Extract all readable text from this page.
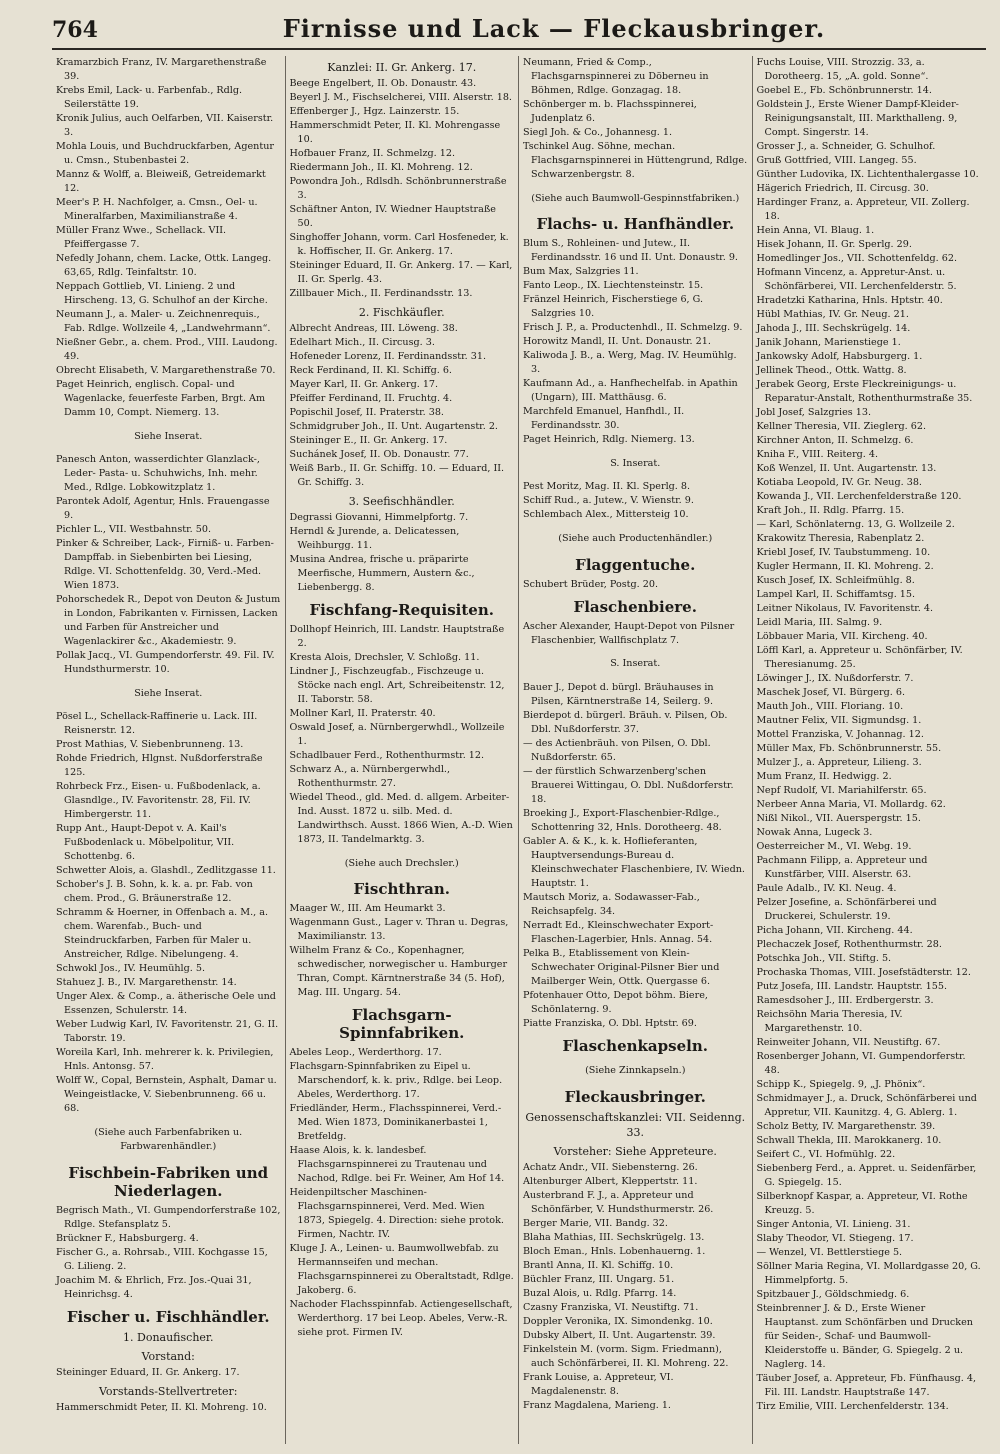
764	Firnisse und Lack — Fleckausbringer.

Kramarzbich Franz, IV. Margarethenstraße 39.

Krebs Emil, Lack- u. Farbenfab., Rdlg. Seilerstätte 19.

Kronik Julius, auch Oelfarben, VII. Kaiserstr. 3.

Mohla Louis, und Buchdruckfarben, Agentur u. Cmsn., Stubenbastei 2.

Mannz & Wolff, a. Bleiweiß, Getreidemarkt 12.

Meer's P. H. Nachfolger, a. Cmsn., Oel- u. Mineralfarben, Maximilianstraße 4.

Müller Franz Wwe., Schellack. VII. Pfeiffergasse 7.

Nefedly Johann, chem. Lacke, Ottk. Langeg. 63,65, Rdlg. Teinfaltstr. 10.

Neppach Gottlieb, VI. Linieng. 2 und Hirscheng. 13, G. Schulhof an der Kirche.

Neumann J., a. Maler- u. Zeichnenrequis., Fab. Rdlge. Wollzeile 4, „Landwehrmann“.

Nießner Gebr., a. chem. Prod., VIII. Laudong. 49.

Obrecht Elisabeth, V. Margarethenstraße 70.

Paget Heinrich, englisch. Copal- und Wagenlacke, feuerfeste Farben, Brgt. Am Damm 10, Compt. Niemerg. 13.

Siehe Inserat.

Panesch Anton, wasserdichter Glanzlack-, Leder- Pasta- u. Schuhwichs, Inh. mehr. Med., Rdlge. Lobkowitzplatz 1.

Parontek Adolf, Agentur, Hnls. Frauengasse 9.

Pichler L., VII. Westbahnstr. 50.

Pinker & Schreiber, Lack-, Firniß- u. Farben-Dampffab. in Siebenbirten bei Liesing, Rdlge. VI. Schottenfeldg. 30, Verd.-Med. Wien 1873.

Pohorschedek R., Depot von Deuton & Justum in London, Fabrikanten v. Firnissen, Lacken und Farben für Anstreicher und Wagenlackirer &c., Akademiestr. 9.

Pollak Jacq., VI. Gumpendorferstr. 49. Fil. IV. Hundsthurmerstr. 10.

Siehe Inserat.

Pösel L., Schellack-Raffinerie u. Lack. III. Reisnerstr. 12.

Prost Mathias, V. Siebenbrunneng. 13.

Rohde Friedrich, Hlgnst. Nußdorferstraße 125.

Rohrbeck Frz., Eisen- u. Fußbodenlack, a. Glasndlge., IV. Favoritenstr. 28, Fil. IV. Himbergerstr. 11.

Rupp Ant., Haupt-Depot v. A. Kail's Fußbodenlack u. Möbelpolitur, VII. Schottenbg. 6.

Schwetter Alois, a. Glashdl., Zedlitzgasse 11.

Schober's J. B. Sohn, k. k. a. pr. Fab. von chem. Prod., G. Bräunerstraße 12.

Schramm & Hoerner, in Offenbach a. M., a. chem. Warenfab., Buch- und Steindruckfarben, Farben für Maler u. Anstreicher, Rdlge. Nibelungeng. 4.

Schwokl Jos., IV. Heumühlg. 5.

Stahuez J. B., IV. Margarethenstr. 14.

Unger Alex. & Comp., a. ätherische Oele und Essenzen, Schulerstr. 14.

Weber Ludwig Karl, IV. Favoritenstr. 21, G. II. Taborstr. 19.

Woreila Karl, Inh. mehrerer k. k. Privilegien, Hnls. Antonsg. 57.

Wolff W., Copal, Bernstein, Asphalt, Damar u. Weingeistlacke, V. Siebenbrunneng. 66 u. 68.

(Siehe auch Farbenfabriken u. Farbwarenhändler.)

Fischbein-Fabriken und Niederlagen.

Begrisch Math., VI. Gumpendorferstraße 102, Rdlge. Stefansplatz 5.

Brückner F., Habsburgerg. 4.

Fischer G., a. Rohrsab., VIII. Kochgasse 15, G. Lilieng. 2.

Joachim M. & Ehrlich, Frz. Jos.-Quai 31, Heinrichsg. 4.

Fischer u. Fischhändler.

1. Donaufischer.

Vorstand:

Steininger Eduard, II. Gr. Ankerg. 17.

Vorstands-Stellvertreter:

Hammerschmidt Peter, II. Kl. Mohreng. 10.

Kanzlei: II. Gr. Ankerg. 17.

Beege Engelbert, II. Ob. Donaustr. 43.

Beyerl J. M., Fischselcherei, VIII. Alserstr. 18.

Effenberger J., Hgz. Lainzerstr. 15.

Hammerschmidt Peter, II. Kl. Mohrengasse 10.

Hofbauer Franz, II. Schmelzg. 12.

Riedermann Joh., II. Kl. Mohreng. 12.

Powondra Joh., Rdlsdh. Schönbrunnerstraße 3.

Schäftner Anton, IV. Wiedner Hauptstraße 50.

Singhoffer Johann, vorm. Carl Hosfeneder, k. k. Hoffischer, II. Gr. Ankerg. 17.

Steininger Eduard, II. Gr. Ankerg. 17. — Karl, II. Gr. Sperlg. 43.

Zillbauer Mich., II. Ferdinandsstr. 13.

2. Fischkäufler.

Albrecht Andreas, III. Löweng. 38.

Edelhart Mich., II. Circusg. 3.

Hofeneder Lorenz, II. Ferdinandsstr. 31.

Reck Ferdinand, II. Kl. Schiffg. 6.

Mayer Karl, II. Gr. Ankerg. 17.

Pfeiffer Ferdinand, II. Fruchtg. 4.

Popischil Josef, II. Praterstr. 38.

Schmidgruber Joh., II. Unt. Augartenstr. 2.

Steininger E., II. Gr. Ankerg. 17.

Suchánek Josef, II. Ob. Donaustr. 77.

Weiß Barb., II. Gr. Schiffg. 10. — Eduard, II. Gr. Schiffg. 3.

3. Seefischhändler.

Degrassi Giovanni, Himmelpfortg. 7.

Herndl & Jurende, a. Delicatessen, Weihburgg. 11.

Musina Andrea, frische u. präparirte Meerfische, Hummern, Austern &c., Liebenbergg. 8.

Fischfang-Requisiten.

Dollhopf Heinrich, III. Landstr. Hauptstraße 2.

Kresta Alois, Drechsler, V. Schloßg. 11.

Lindner J., Fischzeugfab., Fischzeuge u. Stöcke nach engl. Art, Schreibeitenstr. 12, II. Taborstr. 58.

Mollner Karl, II. Praterstr. 40.

Oswald Josef, a. Nürnbergerwhdl., Wollzeile 1.

Schadlbauer Ferd., Rothenthurmstr. 12.

Schwarz A., a. Nürnbergerwhdl., Rothenthurmstr. 27.

Wiedel Theod., gld. Med. d. allgem. Arbeiter-Ind. Ausst. 1872 u. silb. Med. d. Landwirthsch. Ausst. 1866 Wien, A.-D. Wien 1873, II. Tandelmarktg. 3.

(Siehe auch Drechsler.)

Fischthran.

Maager W., III. Am Heumarkt 3.

Wagenmann Gust., Lager v. Thran u. Degras, Maximilianstr. 13.

Wilhelm Franz & Co., Kopenhagner, schwedischer, norwegischer u. Hamburger Thran, Compt. Kärntnerstraße 34 (5. Hof), Mag. III. Ungarg. 54.

Flachsgarn-Spinnfabriken.

Abeles Leop., Werderthorg. 17.

Flachsgarn-Spinnfabriken zu Eipel u. Marschendorf, k. k. priv., Rdlge. bei Leop. Abeles, Werderthorg. 17.

Friedländer, Herm., Flachsspinnerei, Verd.-Med. Wien 1873, Dominikanerbastei 1, Bretfeldg.

Haase Alois, k. k. landesbef. Flachsgarnspinnerei zu Trautenau und Nachod, Rdlge. bei Fr. Weiner, Am Hof 14.

Heidenpiltscher Maschinen-Flachsgarnspinnerei, Verd. Med. Wien 1873, Spiegelg. 4. Direction: siehe protok. Firmen, Nachtr. IV.

Kluge J. A., Leinen- u. Baumwollwebfab. zu Hermannseifen und mechan. Flachsgarnspinnerei zu Oberaltstadt, Rdlge. Jakoberg. 6.

Nachoder Flachsspinnfab. Actiengesellschaft, Werderthorg. 17 bei Leop. Abeles, Verw.-R. siehe prot. Firmen IV.

Neumann, Fried & Comp., Flachsgarnspinnerei zu Döberneu in Böhmen, Rdlge. Gonzagag. 18.

Schönberger m. b. Flachsspinnerei, Judenplatz 6.

Siegl Joh. & Co., Johannesg. 1.

Tschinkel Aug. Söhne, mechan. Flachsgarnspinnerei in Hüttengrund, Rdlge. Schwarzenbergstr. 8.

(Siehe auch Baumwoll-Gespinnstfabriken.)

Flachs- u. Hanfhändler.

Blum S., Rohleinen- und Jutew., II. Ferdinandsstr. 16 und II. Unt. Donaustr. 9.

Bum Max, Salzgries 11.

Fanto Leop., IX. Liechtensteinstr. 15.

Fränzel Heinrich, Fischerstiege 6, G. Salzgries 10.

Frisch J. P., a. Productenhdl., II. Schmelzg. 9.

Horowitz Mandl, II. Unt. Donaustr. 21.

Kaliwoda J. B., a. Werg, Mag. IV. Heumühlg. 3.

Kaufmann Ad., a. Hanfhechelfab. in Apathin (Ungarn), III. Matthäusg. 6.

Marchfeld Emanuel, Hanfhdl., II. Ferdinandsstr. 30.

Paget Heinrich, Rdlg. Niemerg. 13.

S. Inserat.

Pest Moritz, Mag. II. Kl. Sperlg. 8.

Schiff Rud., a. Jutew., V. Wienstr. 9.

Schlembach Alex., Mittersteig 10.

(Siehe auch Productenhändler.)

Flaggentuche.

Schubert Brüder, Postg. 20.

Flaschenbiere.

Ascher Alexander, Haupt-Depot von Pilsner Flaschenbier, Wallfischplatz 7.

S. Inserat.

Bauer J., Depot d. bürgl. Bräuhauses in Pilsen, Kärntnerstraße 14, Seilerg. 9.

Bierdepot d. bürgerl. Bräuh. v. Pilsen, Ob. Dbl. Nußdorferstr. 37.

— des Actienbräuh. von Pilsen, O. Dbl. Nußdorferstr. 65.

— der fürstlich Schwarzenberg'schen Brauerei Wittingau, O. Dbl. Nußdorferstr. 18.

Broeking J., Export-Flaschenbier-Rdlge., Schottenring 32, Hnls. Dorotheerg. 48.

Gabler A. & K., k. k. Hoflieferanten, Hauptversendungs-Bureau d. Kleinschwechater Flaschenbiere, IV. Wiedn. Hauptstr. 1.

Mautsch Moriz, a. Sodawasser-Fab., Reichsapfelg. 34.

Nerradt Ed., Kleinschwechater Export-Flaschen-Lagerbier, Hnls. Annag. 54.

Pelka B., Etablissement von Klein-Schwechater Original-Pilsner Bier und Mailberger Wein, Ottk. Quergasse 6.

Pfotenhauer Otto, Depot böhm. Biere, Schönlaterng. 9.

Piatte Franziska, O. Dbl. Hptstr. 69.

Flaschenkapseln.

(Siehe Zinnkapseln.)

Fleckausbringer.

Genossenschaftskanzlei: VII. Seidenng. 33.

Vorsteher: Siehe Appreteure.

Achatz Andr., VII. Siebensterng. 26.

Altenburger Albert, Kleppertstr. 11.

Austerbrand F. J., a. Appreteur und Schönfärber, V. Hundsthurmerstr. 26.

Berger Marie, VII. Bandg. 32.

Blaha Mathias, III. Sechskrügelg. 13.

Bloch Eman., Hnls. Lobenhauerng. 1.

Brantl Anna, II. Kl. Schiffg. 10.

Büchler Franz, III. Ungarg. 51.

Buzal Alois, u. Rdlg. Pfarrg. 14.

Czasny Franziska, VI. Neustiftg. 71.

Doppler Veronika, IX. Simondenkg. 10.

Dubsky Albert, II. Unt. Augartenstr. 39.

Finkelstein M. (vorm. Sigm. Friedmann), auch Schönfärberei, II. Kl. Mohreng. 22.

Frank Louise, a. Appreteur, VI. Magdalenenstr. 8.

Franz Magdalena, Marieng. 1.

Fuchs Louise, VIII. Strozzig. 33, a. Dorotheerg. 15, „A. gold. Sonne“.

Goebel E., Fb. Schönbrunnerstr. 14.

Goldstein J., Erste Wiener Dampf-Kleider-Reinigungsanstalt, III. Markthalleng. 9, Compt. Singerstr. 14.

Grosser J., a. Schneider, G. Schulhof.

Gruß Gottfried, VIII. Langeg. 55.

Günther Ludovika, IX. Lichtenthalergasse 10.

Hägerich Friedrich, II. Circusg. 30.

Hardinger Franz, a. Appreteur, VII. Zollerg. 18.

Hein Anna, VI. Blaug. 1.

Hisek Johann, II. Gr. Sperlg. 29.

Homedlinger Jos., VII. Schottenfeldg. 62.

Hofmann Vincenz, a. Appretur-Anst. u. Schönfärberei, VII. Lerchenfelderstr. 5.

Hradetzki Katharina, Hnls. Hptstr. 40.

Hübl Mathias, IV. Gr. Neug. 21.

Jahoda J., III. Sechskrügelg. 14.

Janik Johann, Marienstiege 1.

Jankowsky Adolf, Habsburgerg. 1.

Jellinek Theod., Ottk. Wattg. 8.

Jerabek Georg, Erste Fleckreinigungs- u. Reparatur-Anstalt, Rothenthurmstraße 35.

Jobl Josef, Salzgries 13.

Kellner Theresia, VII. Zieglerg. 62.

Kirchner Anton, II. Schmelzg. 6.

Kniha F., VIII. Reiterg. 4.

Koß Wenzel, II. Unt. Augartenstr. 13.

Kotiaba Leopold, IV. Gr. Neug. 38.

Kowanda J., VII. Lerchenfelderstraße 120.

Kraft Joh., II. Rdlg. Pfarrg. 15.

— Karl, Schönlaterng. 13, G. Wollzeile 2.

Krakowitz Theresia, Rabenplatz 2.

Kriebl Josef, IV. Taubstummeng. 10.

Kugler Hermann, II. Kl. Mohreng. 2.

Kusch Josef, IX. Schleifmühlg. 8.

Lampel Karl, II. Schiffamtsg. 15.

Leitner Nikolaus, IV. Favoritenstr. 4.

Leidl Maria, III. Salmg. 9.

Löbbauer Maria, VII. Kircheng. 40.

Löffl Karl, a. Appreteur u. Schönfärber, IV. Theresianumg. 25.

Löwinger J., IX. Nußdorferstr. 7.

Maschek Josef, VI. Bürgerg. 6.

Mauth Joh., VIII. Floriang. 10.

Mautner Felix, VII. Sigmundsg. 1.

Mottel Franziska, V. Johannag. 12.

Müller Max, Fb. Schönbrunnerstr. 55.

Mulzer J., a. Appreteur, Lilieng. 3.

Mum Franz, II. Hedwigg. 2.

Nepf Rudolf, VI. Mariahilferstr. 65.

Nerbeer Anna Maria, VI. Mollardg. 62.

Nißl Nikol., VII. Auerspergstr. 15.

Nowak Anna, Lugeck 3.

Oesterreicher M., VI. Webg. 19.

Pachmann Filipp, a. Appreteur und Kunstfärber, VIII. Alserstr. 63.

Paule Adalb., IV. Kl. Neug. 4.

Pelzer Josefine, a. Schönfärberei und Druckerei, Schulerstr. 19.

Picha Johann, VII. Kircheng. 44.

Plechaczek Josef, Rothenthurmstr. 28.

Potschka Joh., VII. Stiftg. 5.

Prochaska Thomas, VIII. Josefstädterstr. 12.

Putz Josefa, III. Landstr. Hauptstr. 155.

Ramesdsoher J., III. Erdbergerstr. 3.

Reichsöhn Maria Theresia, IV. Margarethenstr. 10.

Reinweiter Johann, VII. Neustiftg. 67.

Rosenberger Johann, VI. Gumpendorferstr. 48.

Schipp K., Spiegelg. 9, „J. Phönix“.

Schmidmayer J., a. Druck, Schönfärberei und Appretur, VII. Kaunitzg. 4, G. Ablerg. 1.

Scholz Betty, IV. Margarethenstr. 39.

Schwall Thekla, III. Marokkanerg. 10.

Seifert C., VI. Hofmühlg. 22.

Siebenberg Ferd., a. Appret. u. Seidenfärber, G. Spiegelg. 15.

Silberknopf Kaspar, a. Appreteur, VI. Rothe Kreuzg. 5.

Singer Antonia, VI. Linieng. 31.

Slaby Theodor, VI. Stiegeng. 17.

— Wenzel, VI. Bettlerstiege 5.

Söllner Maria Regina, VI. Mollardgasse 20, G. Himmelpfortg. 5.

Spitzbauer J., Göldschmiedg. 6.

Steinbrenner J. & D., Erste Wiener Hauptanst. zum Schönfärben und Drucken für Seiden-, Schaf- und Baumwoll-Kleiderstoffe u. Bänder, G. Spiegelg. 2 u. Naglerg. 14.

Täuber Josef, a. Appreteur, Fb. Fünfhausg. 4, Fil. III. Landstr. Hauptstraße 147.

Tirz Emilie, VIII. Lerchenfelderstr. 134.
